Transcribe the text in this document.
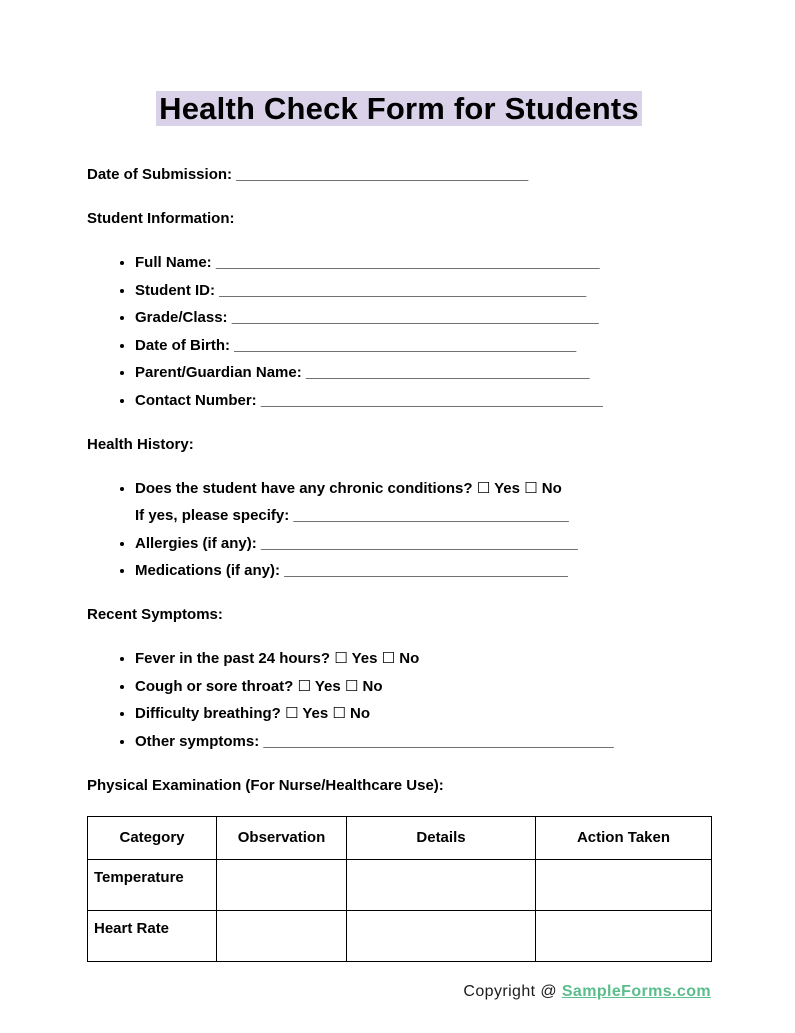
Health Check Form for Students

Date of Submission: ___________________________________

Student Information:

• Full Name: ______________________________________________
• Student ID: ____________________________________________
• Grade/Class: ____________________________________________
• Date of Birth: _________________________________________
• Parent/Guardian Name: __________________________________
• Contact Number: _________________________________________

Health History:

• Does the student have any chronic conditions? ☐ Yes ☐ No
If yes, please specify: _________________________________
• Allergies (if any): ______________________________________
• Medications (if any): __________________________________

Recent Symptoms:

• Fever in the past 24 hours? ☐ Yes ☐ No
• Cough or sore throat? ☐ Yes ☐ No
• Difficulty breathing? ☐ Yes ☐ No
• Other symptoms: __________________________________________

Physical Examination (For Nurse/Healthcare Use):

Category	Observation	Details	Action Taken
Temperature			
Heart Rate			
Copyright @ SampleForms.com
